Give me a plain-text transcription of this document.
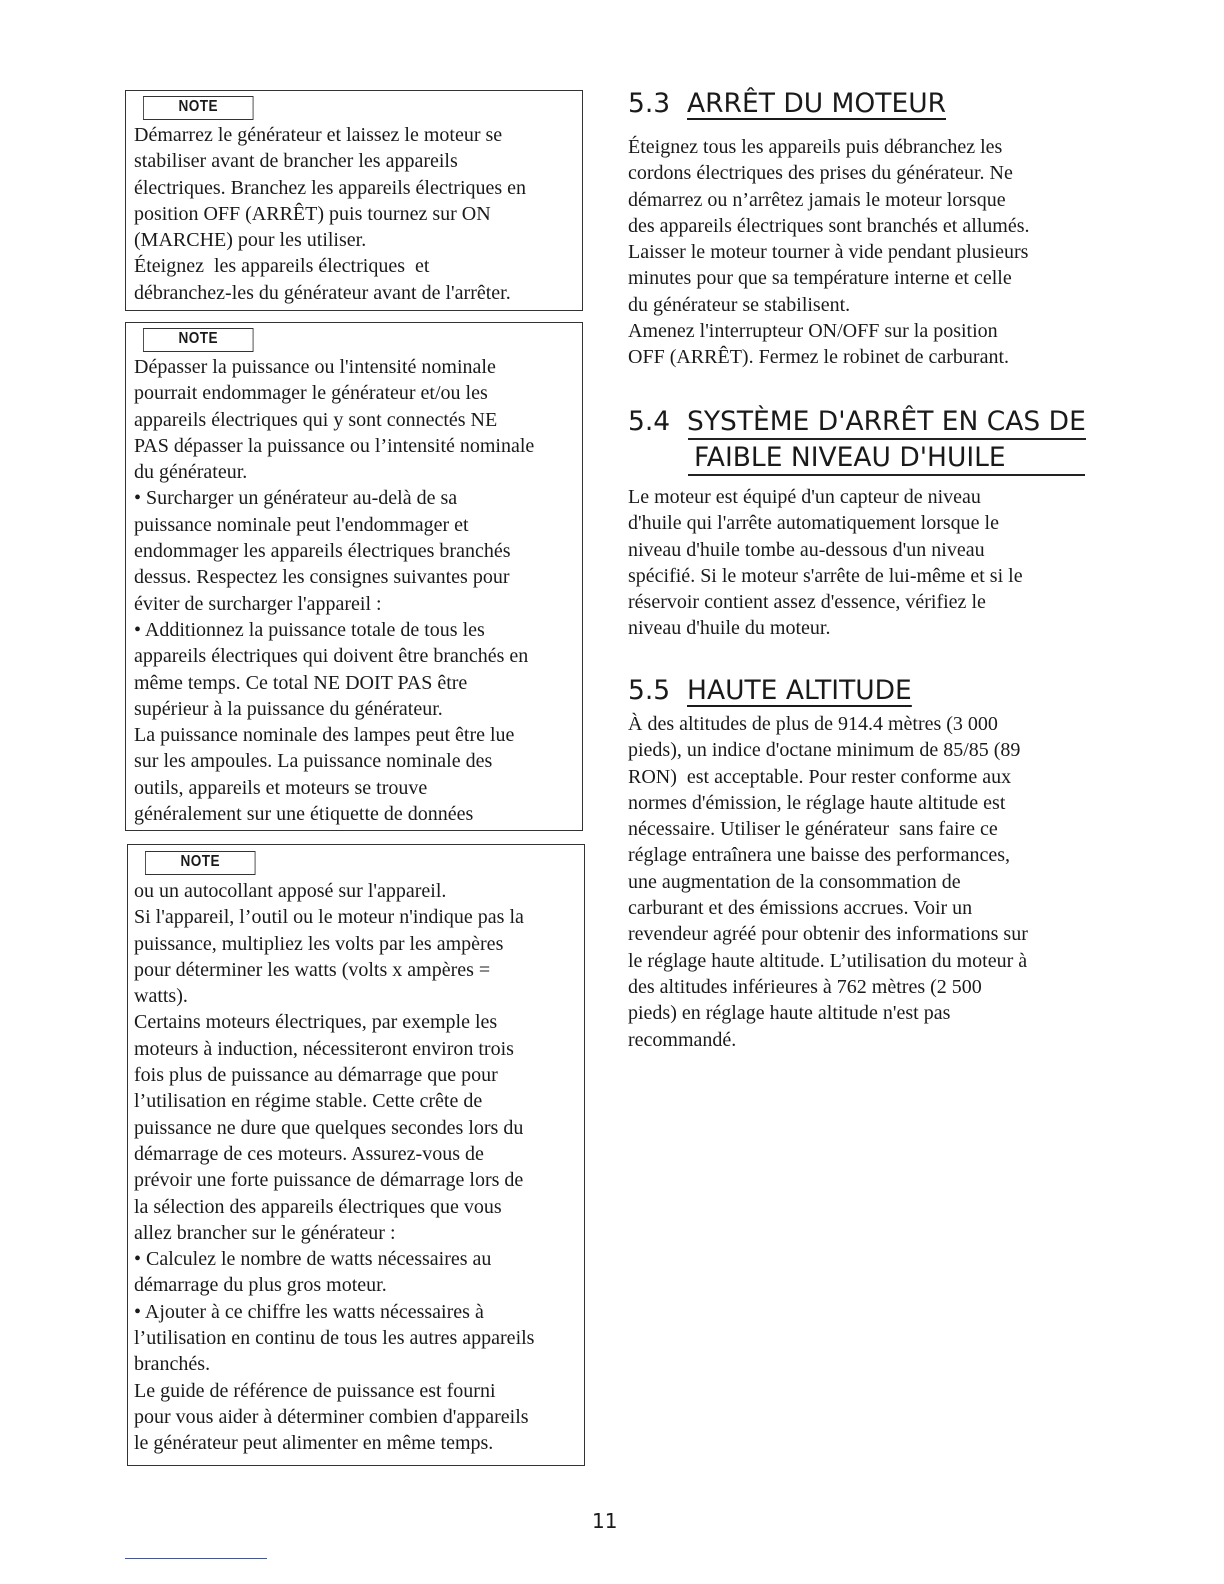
NOTE
Démarrez le générateur et laissez le moteur se
stabiliser avant de brancher les appareils
électriques. Branchez les appareils électriques en
position OFF (ARRÊT) puis tournez sur ON
(MARCHE) pour les utiliser.
Éteignez  les appareils électriques  et
débranchez-les du générateur avant de l'arrêter.
NOTE
Dépasser la puissance ou l'intensité nominale
pourrait endommager le générateur et/ou les
appareils électriques qui y sont connectés NE
PAS dépasser la puissance ou l’intensité nominale
du générateur.
• Surcharger un générateur au-delà de sa
puissance nominale peut l'endommager et
endommager les appareils électriques branchés
dessus. Respectez les consignes suivantes pour
éviter de surcharger l'appareil :
• Additionnez la puissance totale de tous les
appareils électriques qui doivent être branchés en
même temps. Ce total NE DOIT PAS être
supérieur à la puissance du générateur.
La puissance nominale des lampes peut être lue
sur les ampoules. La puissance nominale des
outils, appareils et moteurs se trouve
généralement sur une étiquette de données
NOTE
ou un autocollant apposé sur l'appareil.
Si l'appareil, l’outil ou le moteur n'indique pas la
puissance, multipliez les volts par les ampères
pour déterminer les watts (volts x ampères =
watts).
Certains moteurs électriques, par exemple les
moteurs à induction, nécessiteront environ trois
fois plus de puissance au démarrage que pour
l’utilisation en régime stable. Cette crête de
puissance ne dure que quelques secondes lors du
démarrage de ces moteurs. Assurez-vous de
prévoir une forte puissance de démarrage lors de
la sélection des appareils électriques que vous
allez brancher sur le générateur :
• Calculez le nombre de watts nécessaires au
démarrage du plus gros moteur.
• Ajouter à ce chiffre les watts nécessaires à
l’utilisation en continu de tous les autres appareils
branchés.
Le guide de référence de puissance est fourni
pour vous aider à déterminer combien d'appareils
le générateur peut alimenter en même temps.
5.3 ARRÊT DU MOTEUR
Éteignez tous les appareils puis débranchez les
cordons électriques des prises du générateur. Ne
démarrez ou n’arrêtez jamais le moteur lorsque
des appareils électriques sont branchés et allumés.
Laisser le moteur tourner à vide pendant plusieurs
minutes pour que sa température interne et celle
du générateur se stabilisent.
Amenez l'interrupteur ON/OFF sur la position
OFF (ARRÊT). Fermez le robinet de carburant.
5.4 SYSTÈME D'ARRÊT EN CAS DE
FAIBLE NIVEAU D'HUILE
Le moteur est équipé d'un capteur de niveau
d'huile qui l'arrête automatiquement lorsque le
niveau d'huile tombe au-dessous d'un niveau
spécifié. Si le moteur s'arrête de lui-même et si le
réservoir contient assez d'essence, vérifiez le
niveau d'huile du moteur.
5.5 HAUTE ALTITUDE
À des altitudes de plus de 914.4 mètres (3 000
pieds), un indice d'octane minimum de 85/85 (89
RON)  est acceptable. Pour rester conforme aux
normes d'émission, le réglage haute altitude est
nécessaire. Utiliser le générateur  sans faire ce
réglage entraînera une baisse des performances,
une augmentation de la consommation de
carburant et des émissions accrues. Voir un
revendeur agréé pour obtenir des informations sur
le réglage haute altitude. L’utilisation du moteur à
des altitudes inférieures à 762 mètres (2 500
pieds) en réglage haute altitude n'est pas
recommandé.
11
